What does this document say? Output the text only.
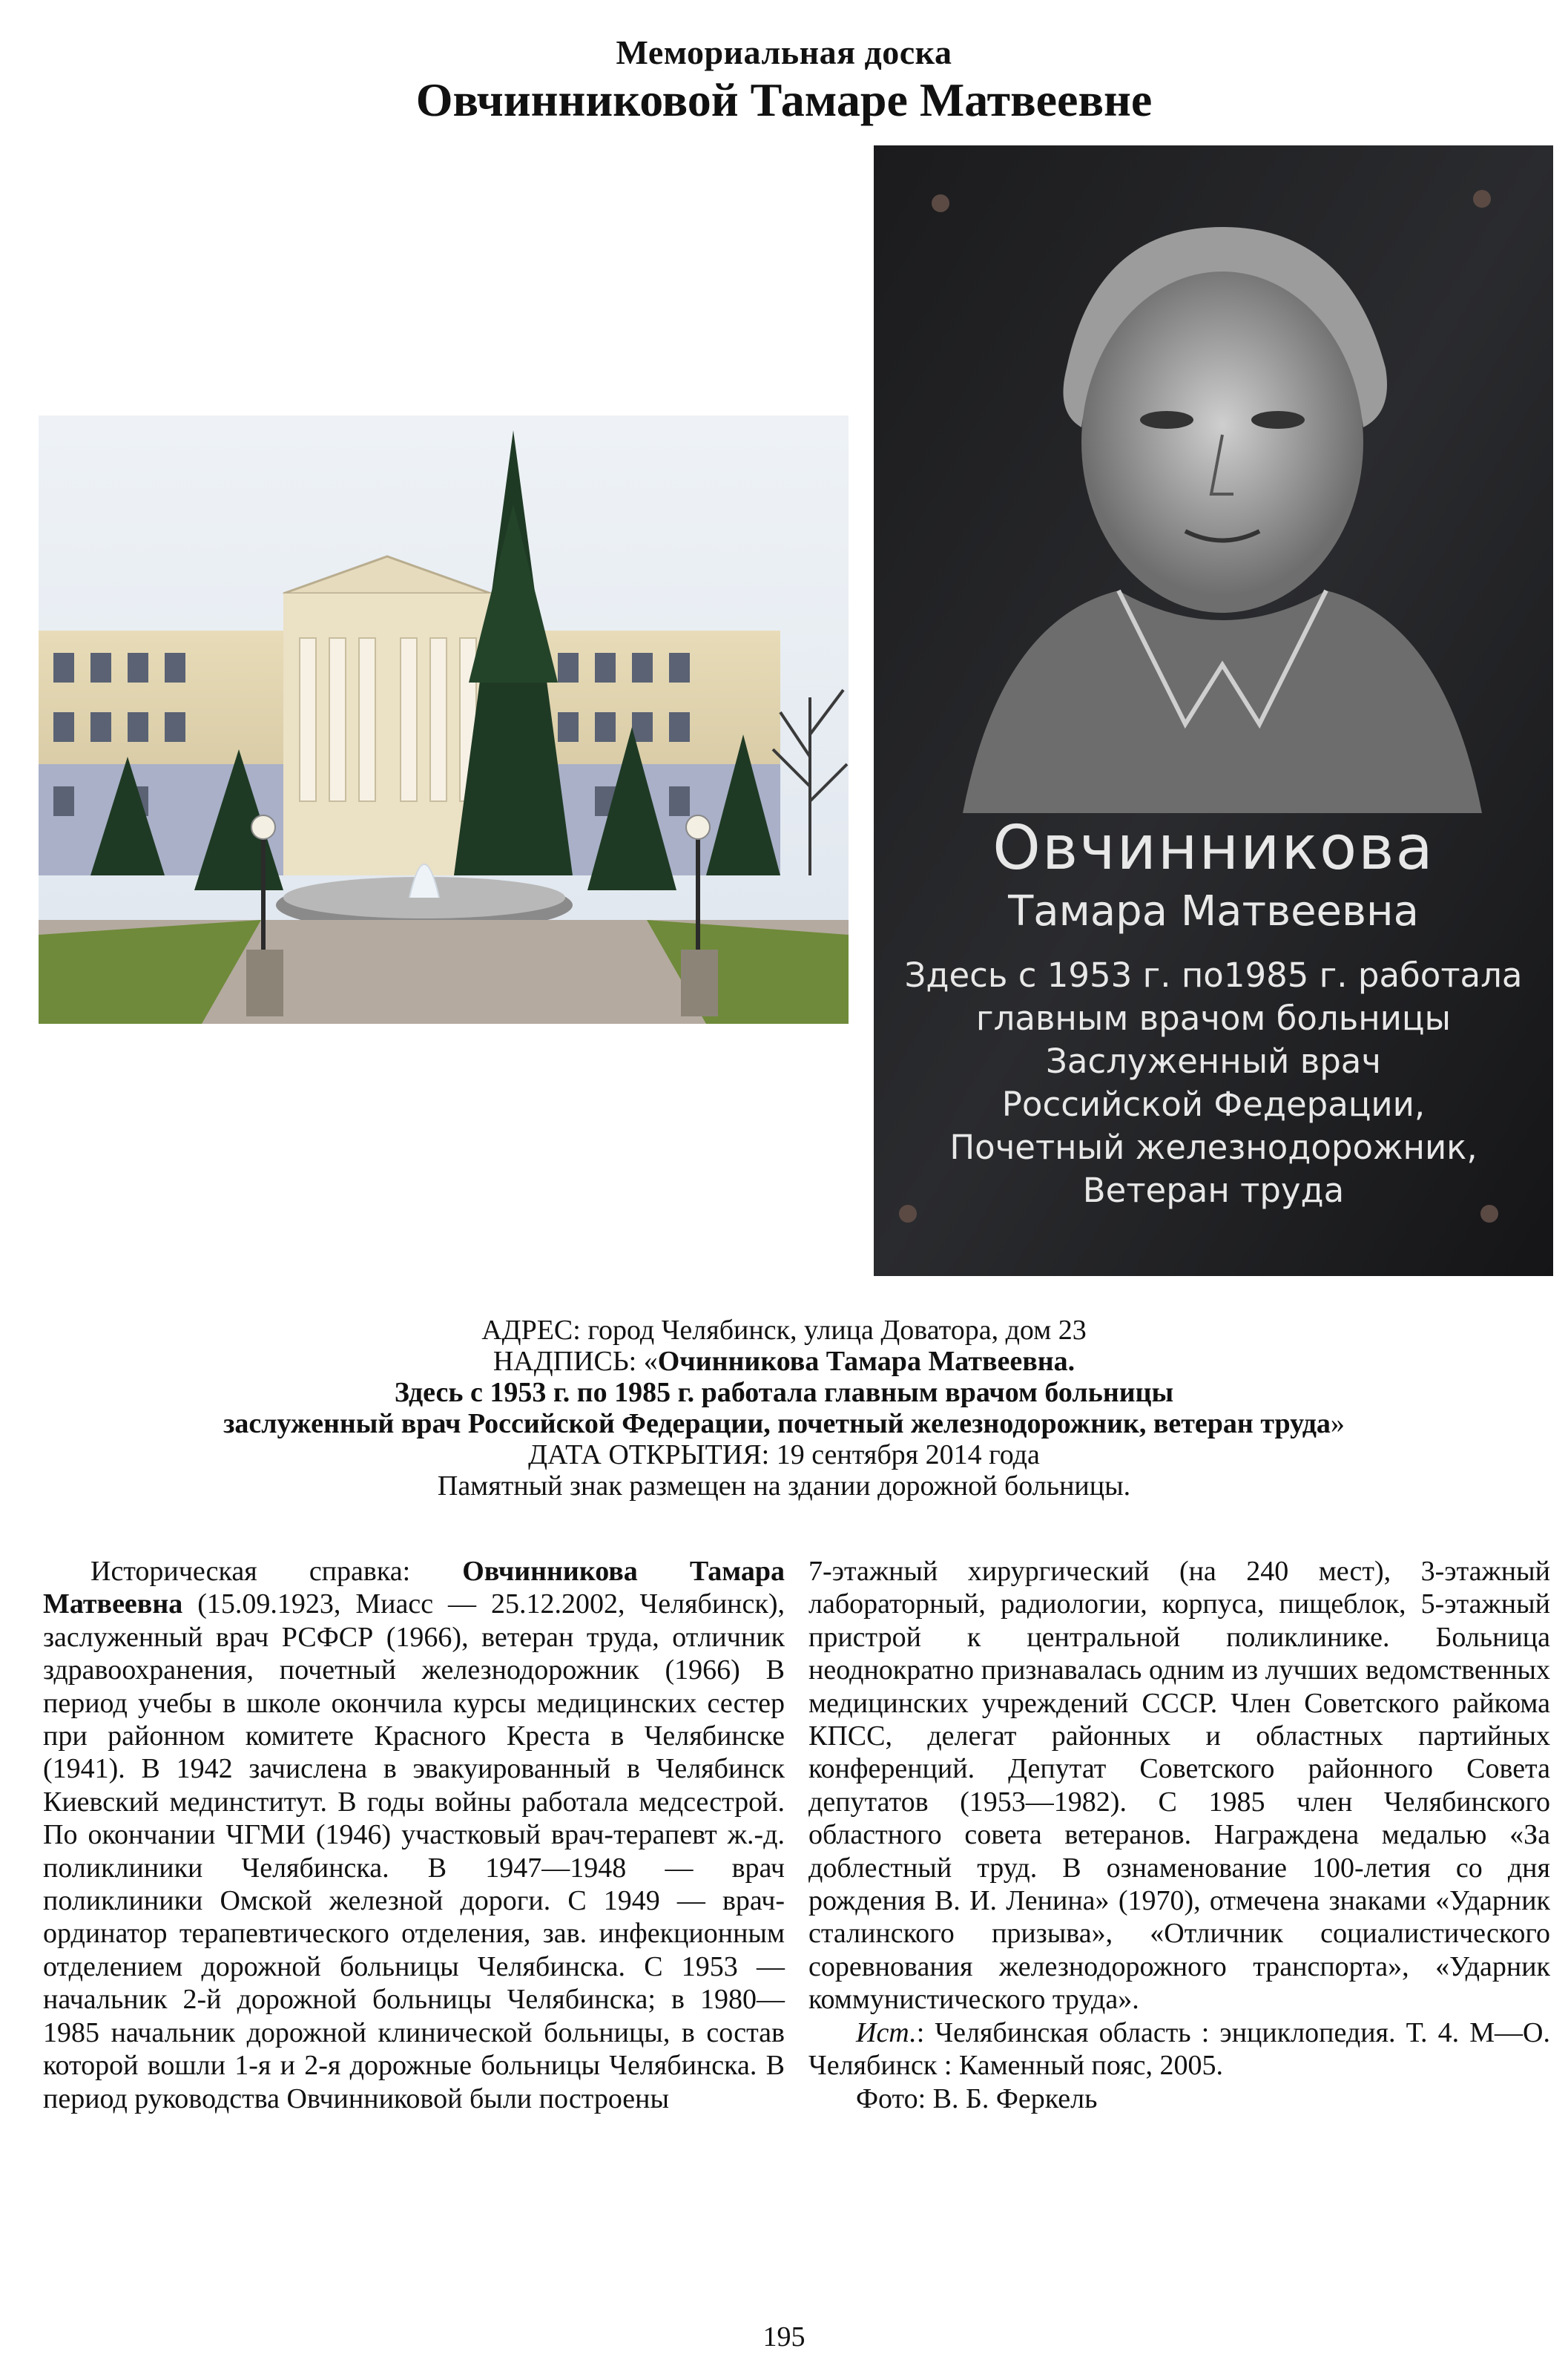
Мемориальная доска
Овчинниковой Тамаре Матвеевне
Овчинникова
Тамара Матвеевна
Здесь с 1953 г. по1985 г. работала
главным врачом больницы
Заслуженный врач
Российской Федерации,
Почетный железнодорожник,
Ветеран труда
АДРЕС: город Челябинск, улица Доватора, дом 23
НАДПИСЬ: «Очинникова Тамара Матвеевна.
Здесь с 1953 г. по 1985 г. работала главным врачом больницы
заслуженный врач Российской Федерации, почетный железнодорожник, ветеран труда»
ДАТА ОТКРЫТИЯ: 19 сентября 2014 года
Памятный знак размещен на здании дорожной больницы.

Историческая справка: Овчинникова Тамара Матвеевна (15.09.1923, Миасс — 25.12.2002, Челябинск), заслуженный врач РСФСР (1966), ветеран труда, отличник здравоохранения, почетный железнодорожник (1966) В период учебы в школе окончила курсы медицинских сестер при районном комитете Красного Креста в Челябинске (1941). В 1942 зачислена в эвакуированный в Челябинск Киевский мединститут. В годы войны работала медсестрой. По окончании ЧГМИ (1946) участковый врач-терапевт ж.-д. поликлиники Челябинска. В 1947—1948 — врач поликлиники Омской железной дороги. С 1949 — врач-ординатор терапевтического отделения, зав. инфекционным отделением дорожной больницы Челябинска. С 1953 — начальник 2-й дорожной больницы Челябинска; в 1980—1985 начальник дорожной клинической больницы, в состав которой вошли 1-я и 2-я дорожные больницы Челябинска. В период руководства Овчинниковой были построены

7-этажный хирургический (на 240 мест), 3-этажный лабораторный, радиологии, корпуса, пищеблок, 5-этажный пристрой к центральной поликлинике. Больница неоднократно признавалась одним из лучших ведомственных медицинских учреждений СССР. Член Советского райкома КПСС, делегат районных и областных партийных конференций. Депутат Советского районного Совета депутатов (1953—1982). С 1985 член Челябинского областного совета ветеранов. Награждена медалью «За доблестный труд. В ознаменование 100-летия со дня рождения В. И. Ленина» (1970), отмечена знаками «Ударник сталинского призыва», «Отличник социалистического соревнования железнодорожного транспорта», «Ударник коммунистического труда».

Ист.: Челябинская область : энциклопедия. Т. 4. М—О. Челябинск : Каменный пояс, 2005.

Фото: В. Б. Феркель

195
